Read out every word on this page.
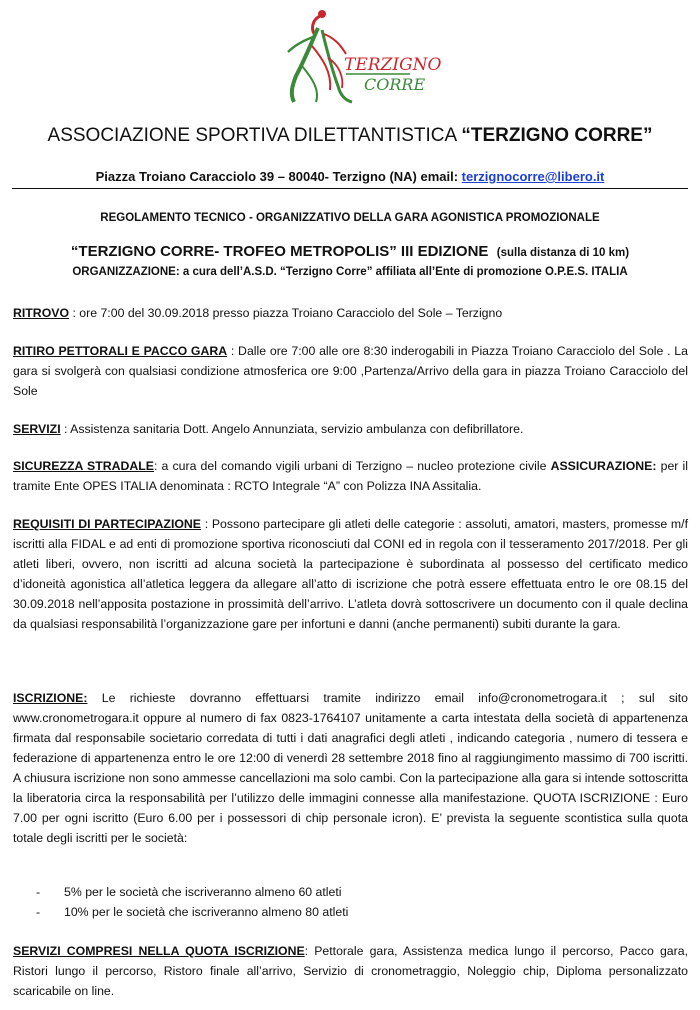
TERZIGNO
CORRE
ASSOCIAZIONE SPORTIVA DILETTANTISTICA “TERZIGNO CORRE”
Piazza Troiano Caracciolo 39 – 80040- Terzigno (NA) email: terzignocorre@libero.it
REGOLAMENTO TECNICO - ORGANIZZATIVO DELLA GARA AGONISTICA PROMOZIONALE
“TERZIGNO CORRE- TROFEO METROPOLIS” III EDIZIONE (sulla distanza di 10 km)
ORGANIZZAZIONE: a cura dell’A.S.D. “Terzigno Corre” affiliata all’Ente di promozione O.P.E.S. ITALIA
RITROVO : ore 7:00 del 30.09.2018 presso piazza Troiano Caracciolo del Sole – Terzigno
RITIRO PETTORALI E PACCO GARA : Dalle ore 7:00 alle ore 8:30 inderogabili in Piazza Troiano Caracciolo del Sole . La gara si svolgerà con qualsiasi condizione atmosferica ore 9:00 ,Partenza/Arrivo della gara in piazza Troiano Caracciolo del Sole
SERVIZI : Assistenza sanitaria Dott. Angelo Annunziata, servizio ambulanza con defibrillatore.
SICUREZZA STRADALE: a cura del comando vigili urbani di Terzigno – nucleo protezione civile ASSICURAZIONE: per il tramite Ente OPES ITALIA denominata : RCTO Integrale “A” con Polizza INA Assitalia.
REQUISITI DI PARTECIPAZIONE : Possono partecipare gli atleti delle categorie : assoluti, amatori, masters, promesse m/f iscritti alla FIDAL e ad enti di promozione sportiva riconosciuti dal CONI ed in regola con il tesseramento 2017/2018. Per gli atleti liberi, ovvero, non iscritti ad alcuna società la partecipazione è subordinata al possesso del certificato medico d’idoneità agonistica all’atletica leggera da allegare all’atto di iscrizione che potrà essere effettuata entro le ore 08.15 del 30.09.2018 nell’apposita postazione in prossimità dell’arrivo. L’atleta dovrà sottoscrivere un documento con il quale declina da qualsiasi responsabilità l’organizzazione gare per infortuni e danni (anche permanenti) subiti durante la gara.
ISCRIZIONE: Le richieste dovranno effettuarsi tramite indirizzo email info@cronometrogara.it ; sul sito www.cronometrogara.it oppure al numero di fax 0823-1764107 unitamente a carta intestata della società di appartenenza firmata dal responsabile societario corredata di tutti i dati anagrafici degli atleti , indicando categoria , numero di tessera e federazione di appartenenza entro le ore 12:00 di venerdì 28 settembre 2018 fino al raggiungimento massimo di 700 iscritti. A chiusura iscrizione non sono ammesse cancellazioni ma solo cambi. Con la partecipazione alla gara si intende sottoscritta la liberatoria circa la responsabilità per l’utilizzo delle immagini connesse alla manifestazione. QUOTA ISCRIZIONE : Euro 7.00 per ogni iscritto (Euro 6.00 per i possessori di chip personale icron). E’ prevista la seguente scontistica sulla quota totale degli iscritti per le società:
-	5% per le società che iscriveranno almeno 60 atleti
-	10% per le società che iscriveranno almeno 80 atleti
SERVIZI COMPRESI NELLA QUOTA ISCRIZIONE: Pettorale gara, Assistenza medica lungo il percorso, Pacco gara, Ristori lungo il percorso, Ristoro finale all’arrivo, Servizio di cronometraggio, Noleggio chip, Diploma personalizzato scaricabile on line.
